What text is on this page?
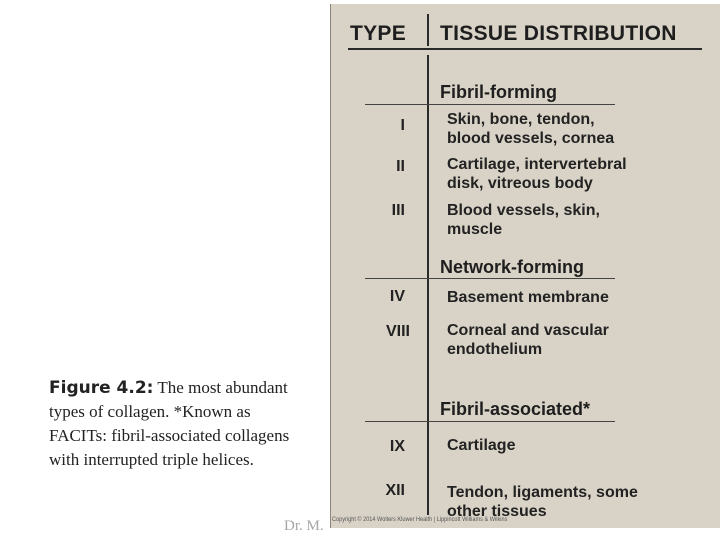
Figure 4.2: The most abundant types of collagen. *Known as FACITs: fibril-associated collagens with interrupted triple helices.
Dr. M.
TYPE TISSUE DISTRIBUTION
Fibril-forming
I	Skin, bone, tendon,
blood vessels, cornea
II	Cartilage, intervertebral
disk, vitreous body
III	Blood vessels, skin,
muscle
Network-forming
IV	Basement membrane
VIII Corneal and vascular
endothelium
Fibril-associated*
IX	Cartilage
XII	Tendon, ligaments, some
other tissues
Copyright © 2014 Wolters Kluwer Health | Lippincott Williams & Wilkins
